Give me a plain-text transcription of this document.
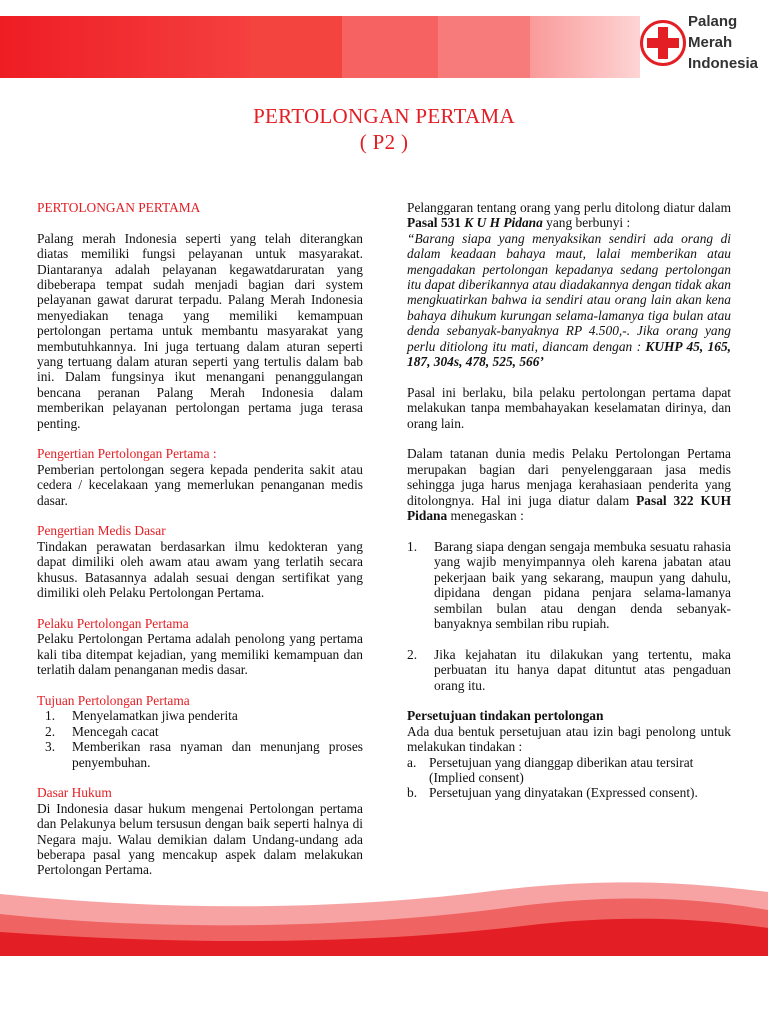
Palang
Merah
Indonesia
PERTOLONGAN PERTAMA
( P2 )

PERTOLONGAN PERTAMA

Palang merah Indonesia seperti yang telah diterangkan diatas memiliki fungsi pelayanan untuk masyarakat. Diantaranya adalah pelayanan kegawatdaruratan yang dibeberapa tempat sudah menjadi bagian dari system pelayanan gawat darurat terpadu. Palang Merah Indonesia menyediakan tenaga yang memiliki kemampuan pertolongan pertama untuk membantu masyarakat yang membutuhkannya. Ini juga tertuang dalam aturan seperti yang tertuang dalam aturan seperti yang tertulis dalam bab ini. Dalam fungsinya ikut menangani penanggulangan bencana peranan Palang Merah Indonesia dalam memberikan pelayanan pertolongan pertama juga terasa penting.

Pengertian Pertolongan Pertama :

Pemberian pertolongan segera kepada penderita sakit atau cedera / kecelakaan yang memerlukan penanganan medis dasar.

Pengertian Medis Dasar

Tindakan perawatan berdasarkan ilmu kedokteran yang dapat dimiliki oleh awam atau awam yang terlatih secara khusus. Batasannya adalah sesuai dengan sertifikat yang dimiliki oleh Pelaku Pertolongan Pertama.

Pelaku Pertolongan Pertama

Pelaku Pertolongan Pertama adalah penolong yang pertama kali tiba ditempat kejadian, yang memiliki kemampuan dan terlatih dalam penanganan medis dasar.

Tujuan Pertolongan Pertama

1.	Menyelamatkan jiwa penderita
2.	Mencegah cacat
3.	Memberikan rasa nyaman dan menunjang proses penyembuhan.

Dasar Hukum

Di Indonesia dasar hukum mengenai Pertolongan pertama dan Pelakunya belum tersusun dengan baik seperti halnya di Negara maju. Walau demikian dalam Undang-undang ada beberapa pasal yang mencakup aspek dalam melakukan Pertolongan Pertama.

Pelanggaran tentang orang yang perlu ditolong diatur dalam Pasal 531 K U H Pidana yang berbunyi :

“Barang siapa yang menyaksikan sendiri ada orang di dalam keadaan bahaya maut, lalai memberikan atau mengadakan pertolongan kepadanya sedang pertolongan itu dapat diberikannya atau diadakannya dengan tidak akan mengkuatirkan bahwa ia sendiri atau orang lain akan kena bahaya dihukum kurungan selama-lamanya tiga bulan atau denda sebanyak-banyaknya RP 4.500,-. Jika orang yang perlu ditiolong itu mati, diancam dengan : KUHP 45, 165, 187, 304s, 478, 525, 566’

Pasal ini berlaku, bila pelaku pertolongan pertama dapat melakukan tanpa membahayakan keselamatan dirinya, dan orang lain.

Dalam tatanan dunia medis Pelaku Pertolongan Pertama merupakan bagian dari penyelenggaraan jasa medis sehingga juga harus menjaga kerahasiaan penderita yang ditolongnya. Hal ini juga diatur dalam Pasal 322 KUH Pidana menegaskan :

1.	Barang siapa dengan sengaja membuka sesuatu rahasia yang wajib menyimpannya oleh karena jabatan atau pekerjaan baik yang sekarang, maupun yang dahulu, dipidana dengan pidana penjara selama-lamanya sembilan bulan atau dengan denda sebanyak-banyaknya sembilan ribu rupiah.
2.	Jika kejahatan itu dilakukan yang tertentu, maka perbuatan itu hanya dapat dituntut atas pengaduan orang itu.

Persetujuan tindakan pertolongan

Ada dua bentuk persetujuan atau izin bagi penolong untuk melakukan tindakan :

a. Persetujuan yang dianggap diberikan atau tersirat (Implied consent)
b. Persetujuan yang dinyatakan (Expressed consent).
